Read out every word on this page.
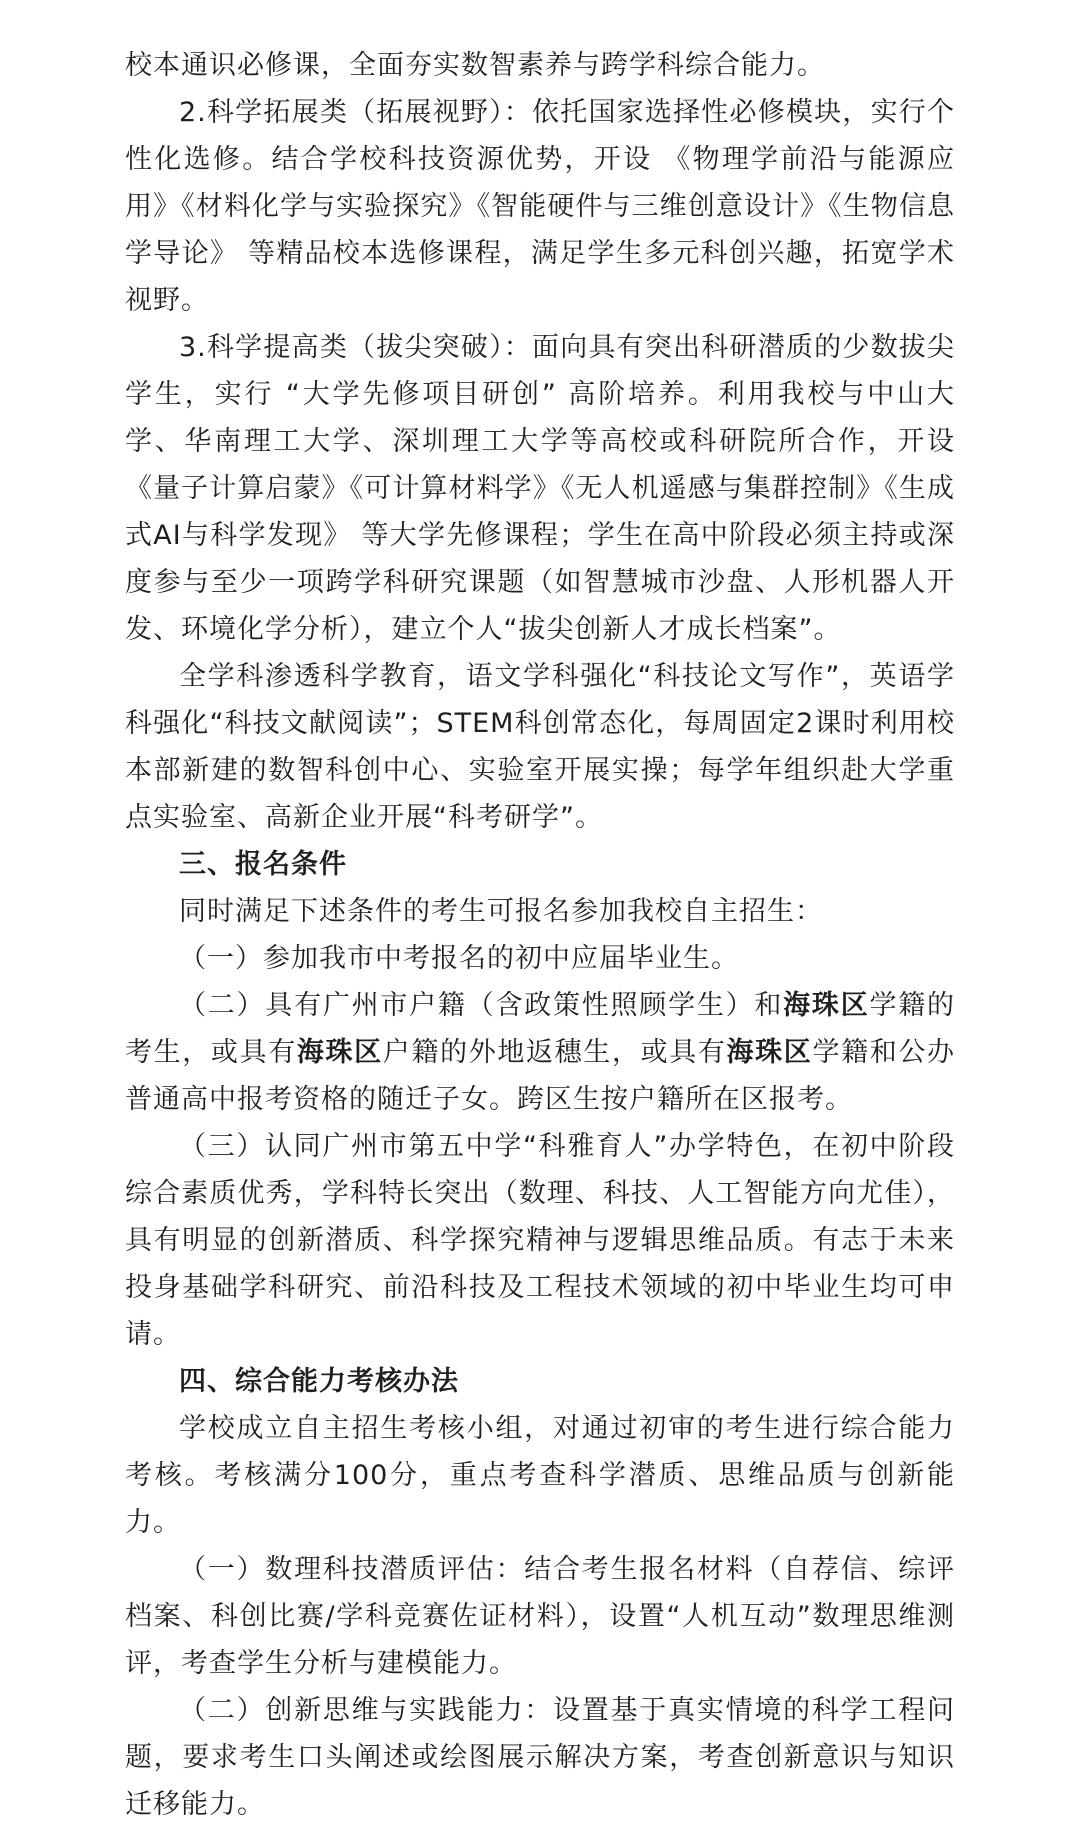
校本通识必修课，全面夯实数智素养与跨学科综合能力。

2.科学拓展类（拓展视野）：依托国家选择性必修模块，实行个性化选修。结合学校科技资源优势，开设 《物理学前沿与能源应用》《材料化学与实验探究》《智能硬件与三维创意设计》《生物信息学导论》 等精品校本选修课程，满足学生多元科创兴趣，拓宽学术视野。

3.科学提高类（拔尖突破）：面向具有突出科研潜质的少数拔尖学生，实行 “大学先修项目研创” 高阶培养。利用我校与中山大学、华南理工大学、深圳理工大学等高校或科研院所合作，开设 《量子计算启蒙》《可计算材料学》《无人机遥感与集群控制》《生成式AI与科学发现》 等大学先修课程；学生在高中阶段必须主持或深度参与至少一项跨学科研究课题（如智慧城市沙盘、人形机器人开发、环境化学分析），建立个人“拔尖创新人才成长档案”。

全学科渗透科学教育，语文学科强化“科技论文写作”，英语学科强化“科技文献阅读”；STEM科创常态化，每周固定2课时利用校本部新建的数智科创中心、实验室开展实操；每学年组织赴大学重点实验室、高新企业开展“科考研学”。

三、报名条件

同时满足下述条件的考生可报名参加我校自主招生：

（一）参加我市中考报名的初中应届毕业生。

（二）具有广州市户籍（含政策性照顾学生）和海珠区学籍的考生，或具有海珠区户籍的外地返穗生，或具有海珠区学籍和公办普通高中报考资格的随迁子女。跨区生按户籍所在区报考。

（三）认同广州市第五中学“科雅育人”办学特色，在初中阶段综合素质优秀，学科特长突出（数理、科技、人工智能方向尤佳），具有明显的创新潜质、科学探究精神与逻辑思维品质。有志于未来投身基础学科研究、前沿科技及工程技术领域的初中毕业生均可申请。

四、综合能力考核办法

学校成立自主招生考核小组，对通过初审的考生进行综合能力考核。考核满分100分，重点考查科学潜质、思维品质与创新能力。

（一）数理科技潜质评估：结合考生报名材料（自荐信、综评档案、科创比赛/学科竞赛佐证材料），设置“人机互动”数理思维测评，考查学生分析与建模能力。

（二）创新思维与实践能力：设置基于真实情境的科学工程问题，要求考生口头阐述或绘图展示解决方案，考查创新意识与知识迁移能力。
